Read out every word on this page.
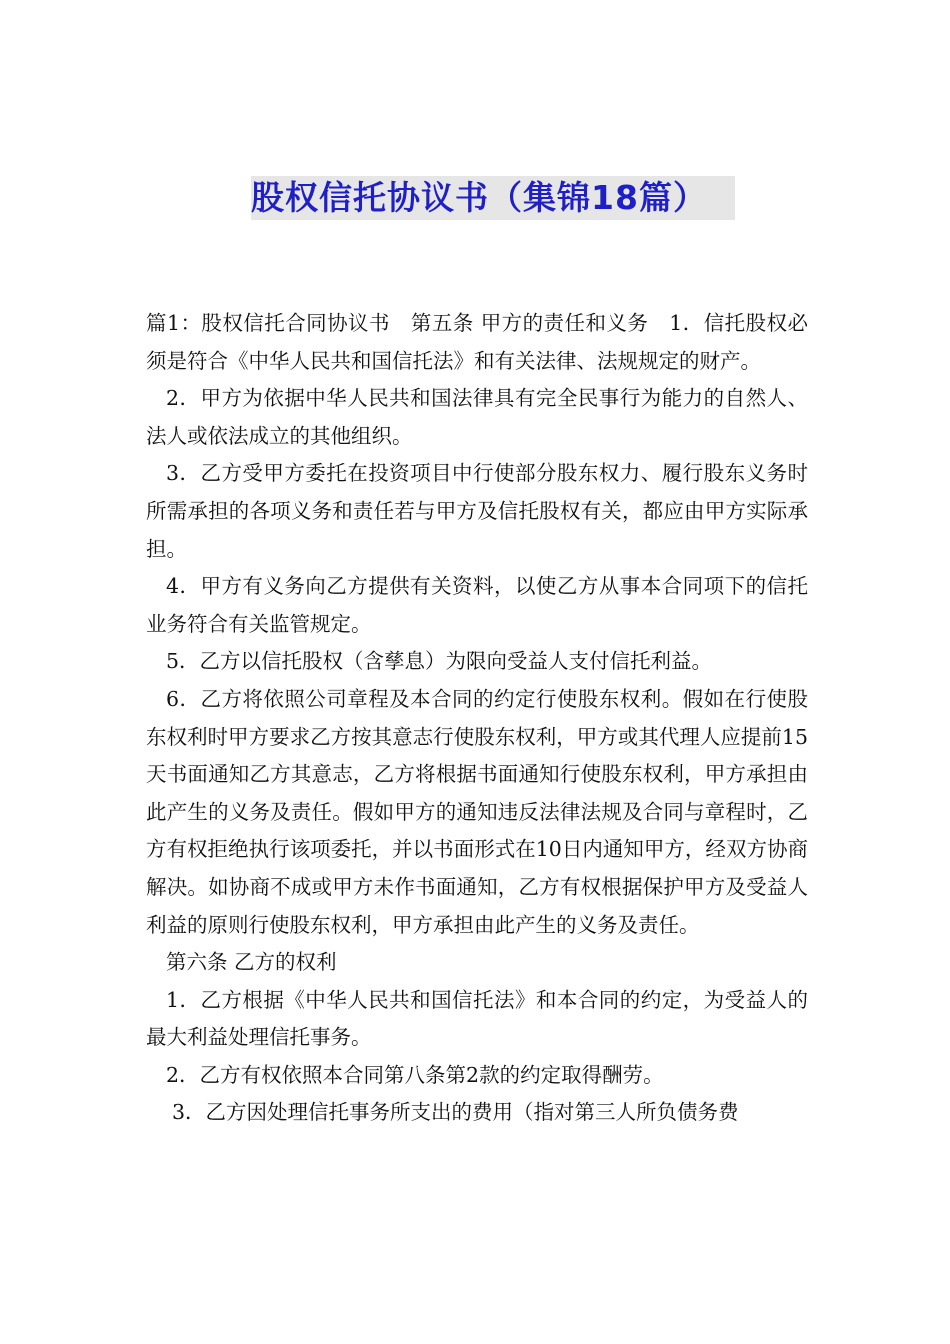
股权信托协议书（集锦18篇）

篇1：股权信托合同协议书　第五条 甲方的责任和义务　1．信托股权必须是符合《中华人民共和国信托法》和有关法律、法规规定的财产。

2．甲方为依据中华人民共和国法律具有完全民事行为能力的自然人、法人或依法成立的其他组织。

3．乙方受甲方委托在投资项目中行使部分股东权力、履行股东义务时所需承担的各项义务和责任若与甲方及信托股权有关，都应由甲方实际承担。

4．甲方有义务向乙方提供有关资料，以使乙方从事本合同项下的信托业务符合有关监管规定。

5．乙方以信托股权（含孳息）为限向受益人支付信托利益。

6．乙方将依照公司章程及本合同的约定行使股东权利。假如在行使股东权利时甲方要求乙方按其意志行使股东权利，甲方或其代理人应提前15天书面通知乙方其意志，乙方将根据书面通知行使股东权利，甲方承担由此产生的义务及责任。假如甲方的通知违反法律法规及合同与章程时，乙方有权拒绝执行该项委托，并以书面形式在10日内通知甲方，经双方协商解决。如协商不成或甲方未作书面通知，乙方有权根据保护甲方及受益人利益的原则行使股东权利，甲方承担由此产生的义务及责任。

第六条 乙方的权利

1．乙方根据《中华人民共和国信托法》和本合同的约定，为受益人的最大利益处理信托事务。

2．乙方有权依照本合同第八条第2款的约定取得酬劳。

3．乙方因处理信托事务所支出的费用（指对第三人所负债务费
